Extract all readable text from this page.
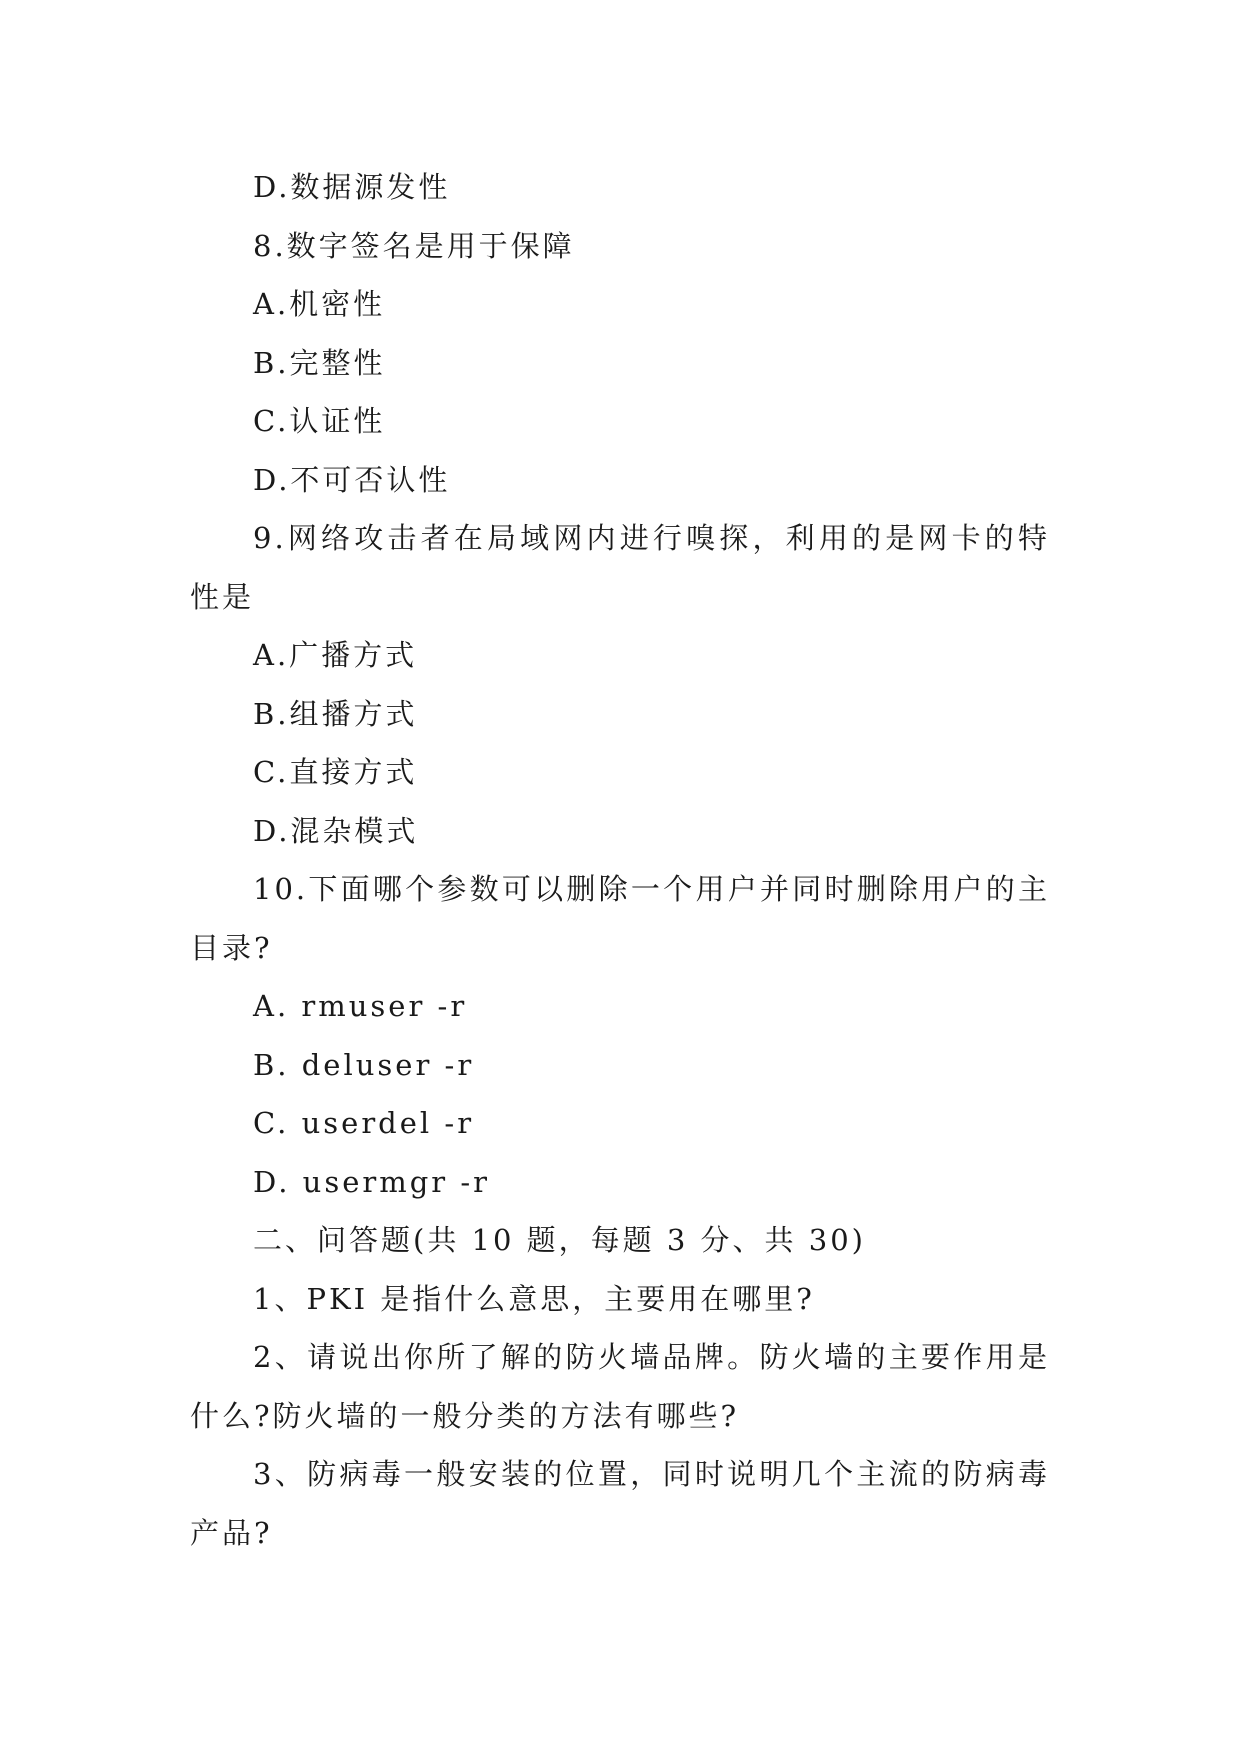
D.数据源发性

8.数字签名是用于保障

A.机密性

B.完整性

C.认证性

D.不可否认性

9.网络攻击者在局域网内进行嗅探，利用的是网卡的特性是

A.广播方式

B.组播方式

C.直接方式

D.混杂模式

10.下面哪个参数可以删除一个用户并同时删除用户的主目录?

A. rmuser -r

B. deluser -r

C. userdel -r

D. usermgr -r

二、问答题(共 10 题，每题 3 分、共 30)

1、PKI 是指什么意思，主要用在哪里?

2、请说出你所了解的防火墙品牌。防火墙的主要作用是什么?防火墙的一般分类的方法有哪些?

3、防病毒一般安装的位置，同时说明几个主流的防病毒产品?
